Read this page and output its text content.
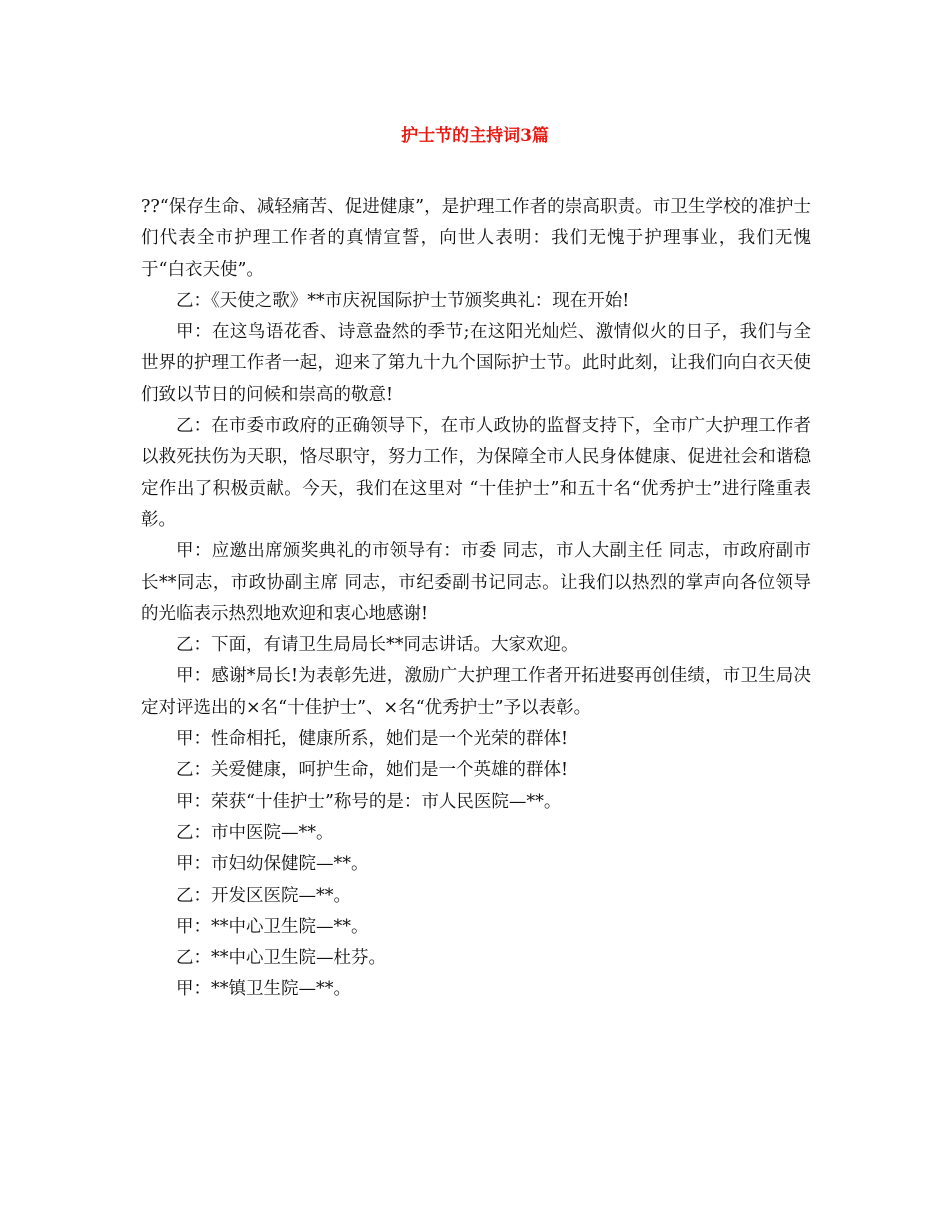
护士节的主持词3篇

??“保存生命、减轻痛苦、促进健康”，是护理工作者的崇高职责。市卫生学校的准护士们代表全市护理工作者的真情宣誓，向世人表明：我们无愧于护理事业，我们无愧于“白衣天使”。

乙：《天使之歌》**市庆祝国际护士节颁奖典礼：现在开始!

甲：在这鸟语花香、诗意盎然的季节;在这阳光灿烂、激情似火的日子，我们与全世界的护理工作者一起，迎来了第九十九个国际护士节。此时此刻，让我们向白衣天使们致以节日的问候和崇高的敬意!

乙：在市委市政府的正确领导下，在市人政协的监督支持下，全市广大护理工作者以救死扶伤为天职，恪尽职守，努力工作，为保障全市人民身体健康、促进社会和谐稳定作出了积极贡献。今天，我们在这里对 “十佳护士”和五十名“优秀护士”进行隆重表彰。

甲：应邀出席颁奖典礼的市领导有：市委 同志，市人大副主任 同志，市政府副市长**同志，市政协副主席 同志，市纪委副书记同志。让我们以热烈的掌声向各位领导的光临表示热烈地欢迎和衷心地感谢!

乙：下面，有请卫生局局长**同志讲话。大家欢迎。

甲：感谢*局长!为表彰先进，激励广大护理工作者开拓进娶再创佳绩，市卫生局决定对评选出的×名“十佳护士”、×名“优秀护士”予以表彰。

甲：性命相托，健康所系，她们是一个光荣的群体!

乙：关爱健康，呵护生命，她们是一个英雄的群体!

甲：荣获“十佳护士”称号的是：市人民医院—**。

乙：市中医院—**。

甲：市妇幼保健院—**。

乙：开发区医院—**。

甲：**中心卫生院—**。

乙：**中心卫生院—杜芬。

甲：**镇卫生院—**。
